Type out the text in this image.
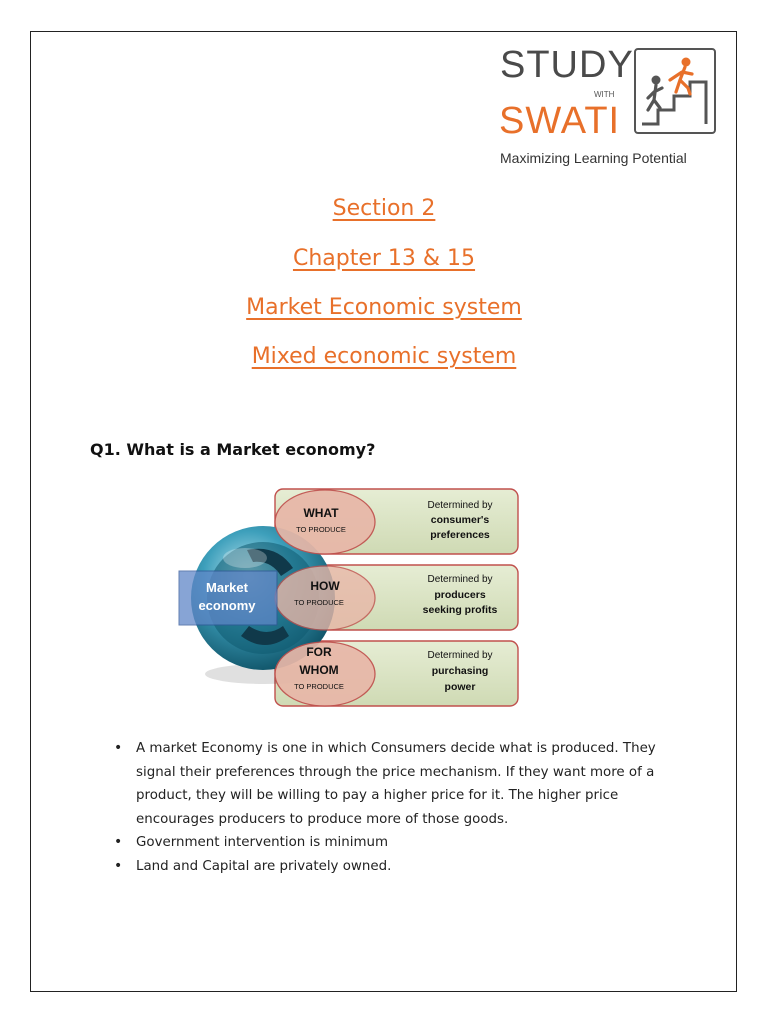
STUDY
WITH
SWATI
Maximizing Learning Potential
Section 2
Chapter 13 & 15
Market Economic system
Mixed economic system
Q1. What is a Market economy?
Market
economy
WHAT
TO PRODUCE
Determined by
consumer's
preferences
HOW
TO PRODUCE
Determined by
producers
seeking profits
FOR
WHOM
TO PRODUCE
Determined by
purchasing
power
• A market Economy is one in which Consumers decide what is produced. They signal their preferences through the price mechanism. If they want more of a product, they will be willing to pay a higher price for it. The higher price encourages producers to produce more of those goods.
• Government intervention is minimum
• Land and Capital are privately owned.
